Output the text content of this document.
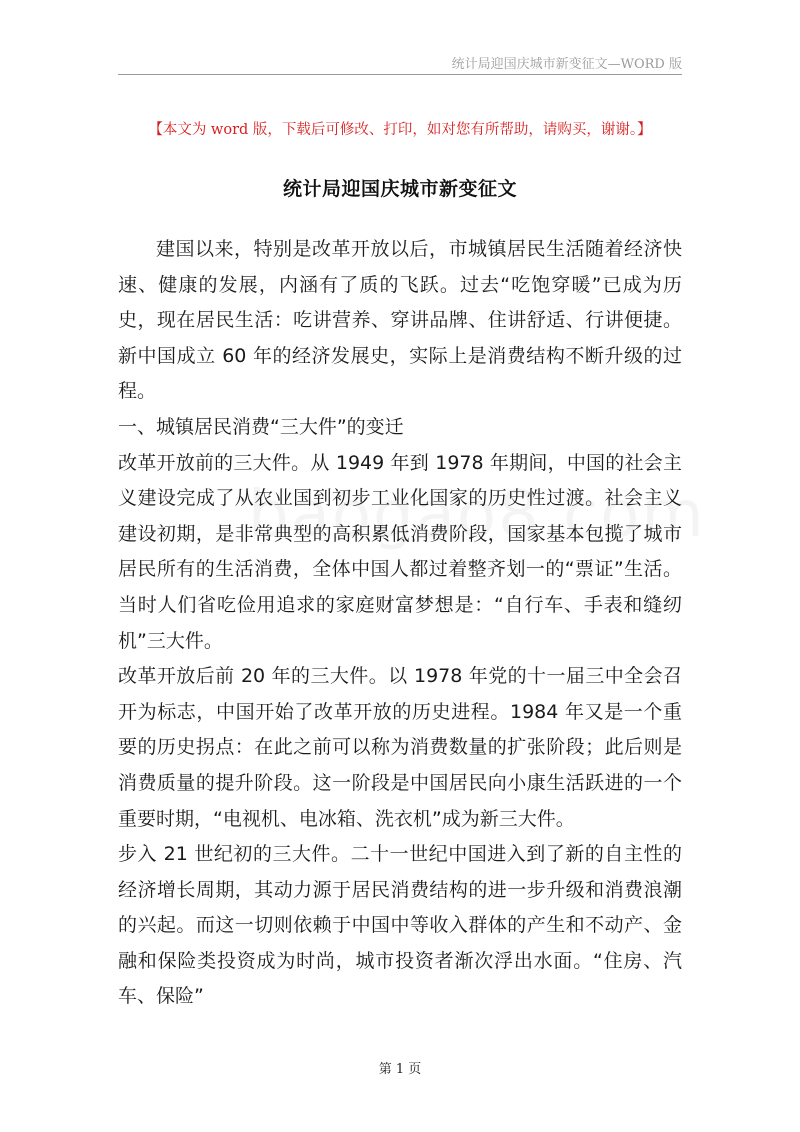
统计局迎国庆城市新变征文—WORD 版
【本文为 word 版，下载后可修改、打印，如对您有所帮助，请购买，谢谢。】
统计局迎国庆城市新变征文

建国以来，特别是改革开放以后，市城镇居民生活随着经济快速、健康的发展，内涵有了质的飞跃。过去“吃饱穿暖”已成为历史，现在居民生活：吃讲营养、穿讲品牌、住讲舒适、行讲便捷。新中国成立 60 年的经济发展史，实际上是消费结构不断升级的过程。

一、城镇居民消费“三大件”的变迁

改革开放前的三大件。从 1949 年到 1978 年期间，中国的社会主义建设完成了从农业国到初步工业化国家的历史性过渡。社会主义建设初期，是非常典型的高积累低消费阶段，国家基本包揽了城市居民所有的生活消费，全体中国人都过着整齐划一的“票证”生活。当时人们省吃俭用追求的家庭财富梦想是：“自行车、手表和缝纫机”三大件。

改革开放后前 20 年的三大件。以 1978 年党的十一届三中全会召开为标志，中国开始了改革开放的历史进程。1984 年又是一个重要的历史拐点：在此之前可以称为消费数量的扩张阶段；此后则是消费质量的提升阶段。这一阶段是中国居民向小康生活跃进的一个重要时期，“电视机、电冰箱、洗衣机”成为新三大件。

步入 21 世纪初的三大件。二十一世纪中国进入到了新的自主性的经济增长周期，其动力源于居民消费结构的进一步升级和消费浪潮的兴起。而这一切则依赖于中国中等收入群体的产生和不动产、金融和保险类投资成为时尚，城市投资者渐次浮出水面。“住房、汽车、保险”

第 1 页
